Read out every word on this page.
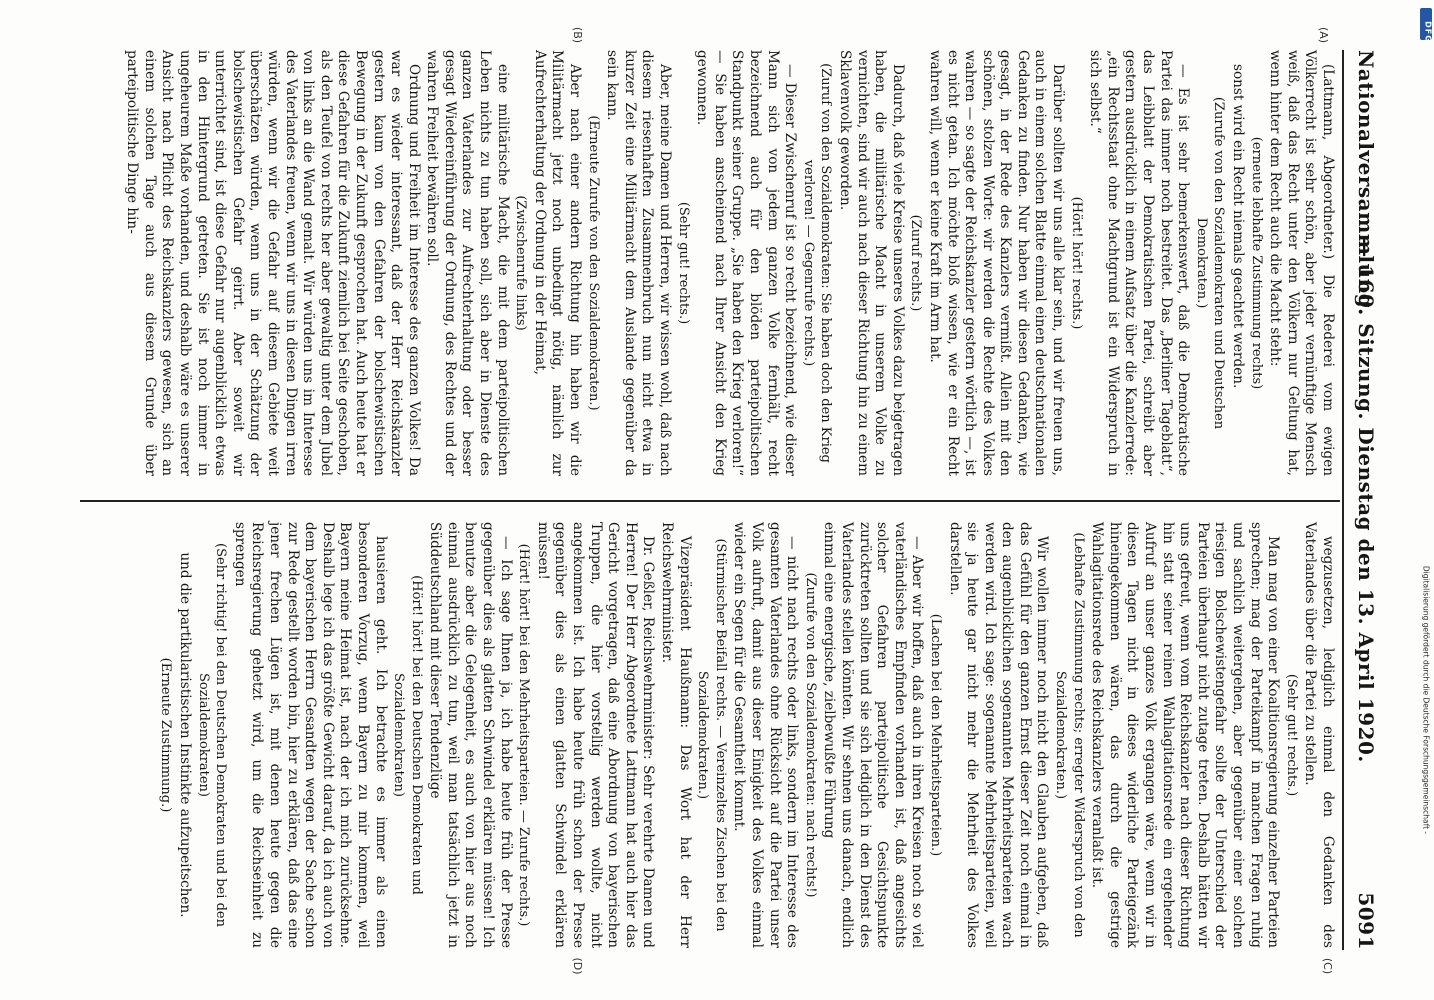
Nationalversammlung.
— 160. Sitzung. Dienstag den 13. April 1920.
5091
(A)
(B)
(C)
(D)

(Lattmann, Abgeordneter.) Die Rederei vom ewigen Völkerrecht ist sehr schön, aber jeder vernünftige Mensch weiß, daß das Recht unter den Völkern nur Geltung hat, wenn hinter dem Recht auch die Macht steht:

(erneute lebhafte Zustimmung rechts)

sonst wird ein Recht niemals geachtet werden.

(Zurufe von den Sozialdemokraten und Deutschen Demokraten.)

— Es ist sehr bemerkenswert, daß die Demokratische Partei das immer noch bestreitet. Das „Berliner Tageblatt“, das Leibblatt der Demokratischen Partei, schreibt aber gestern ausdrücklich in einem Aufsatz über die Kanzlerrede: „ein Rechtsstaat ohne Machtgrund ist ein Widerspruch in sich selbst.“

(Hört! hört! rechts.)

Darüber sollten wir uns alle klar sein, und wir freuen uns, auch in einem solchen Blatte einmal einen deutschnationalen Gedanken zu finden. Nur haben wir diesen Gedanken, wie gesagt, in der Rede des Kanzlers vermißt. Allein mit den schönen, stolzen Worte: wir werden die Rechte des Volkes wahren — so sagte der Reichskanzler gestern wörtlich —, ist es nicht getan. Ich möchte bloß wissen, wie er ein Recht wahren will, wenn er keine Kraft im Arm hat.

(Zuruf rechts.)

Dadurch, daß viele Kreise unseres Volkes dazu beigetragen haben, die militärische Macht in unserem Volke zu vernichten, sind wir auch nach dieser Richtung hin zu einem Sklavenvolk geworden.

(Zuruf von den Sozialdemokraten: Sie haben doch den Krieg verloren! — Gegenrufe rechts.)

— Dieser Zwischenruf ist so recht bezeichnend, wie dieser Mann sich von jedem ganzen Volke fernhält, recht bezeichnend auch für den blöden parteipolitischen Standpunkt seiner Gruppe. „Sie haben den Krieg verloren!“ — Sie haben anscheinend nach Ihrer Ansicht den Krieg gewonnen.

(Sehr gut! rechts.)

Aber, meine Damen und Herren, wir wissen wohl, daß nach diesem riesenhaften Zusammenbruch nun nicht etwa in kurzer Zeit eine Militärmacht dem Auslande gegenüber da sein kann.

(Erneute Zurufe von den Sozialdemokraten.)

Aber nach einer andern Richtung hin haben wir die Militärmacht jetzt noch unbedingt nötig, nämlich zur Aufrechterhaltung der Ordnung in der Heimat,

(Zwischenrufe links)

eine militärische Macht, die mit dem parteipolitischen Leben nichts zu tun haben soll, sich aber in Dienste des ganzen Vaterlandes zur Aufrechterhaltung oder besser gesagt Wiedereinführung der Ordnung, des Rechtes und der wahren Freiheit bewähren soll.

Ordnung und Freiheit im Interesse des ganzen Volkes! Da war es wieder interessant, daß der Herr Reichskanzler gestern kaum von den Gefahren der bolschewistischen Bewegung in der Zukunft gesprochen hat. Auch heute hat er diese Gefahren für die Zukunft ziemlich bei Seite geschoben, als den Teufel von rechts her aber gewaltig unter dem Jubel von links an die Wand gemalt. Wir würden uns im Interesse des Vaterlandes freuen, wenn wir uns in diesen Dingen irren würden, wenn wir die Gefahr auf diesem Gebiete weit überschätzen würden, wenn uns in der Schätzung der bolschewistischen Gefahr geirrt. Aber soweit wir unterrichtet sind, ist diese Gefahr nur augenblicklich etwas in den Hintergrund getreten. Sie ist noch immer in ungeheurem Maße vorhanden, und deshalb wäre es unserer Ansicht nach Pflicht des Reichskanzlers gewesen, sich an einem solchen Tage auch aus diesem Grunde über parteipolitische Dinge hin-

wegzusetzen, lediglich einmal den Gedanken des Vaterlandes über die Partei zu stellen.

(Sehr gut! rechts.)

Man mag von einer Koalitionsregierung einzelner Parteien sprechen; mag der Parteikampf in manchen Fragen ruhig und sachlich weitergehen, aber gegenüber einer solchen riesigen Bolschewistengefahr sollte der Unterschied der Parteien überhaupt nicht zutage treten. Deshalb hätten wir uns gefreut, wenn vom Reichskanzler nach dieser Richtung hin statt seiner reinen Wahlagitationsrede ein ergehender Aufruf an unser ganzes Volk ergangen wäre, wenn wir in diesen Tagen nicht in dieses widerliche Parteigezänk hineingekommen wären, das durch die gestrige Wahlagitationsrede des Reichskanzlers veranlaßt ist.

(Lebhafte Zustimmung rechts; erregter Widerspruch von den Sozialdemokraten.)

Wir wollen immer noch nicht den Glauben aufgeben, daß das Gefühl für den ganzen Ernst dieser Zeit noch einmal in den augenblicklichen sogenannten Mehrheitsparteien wach werden wird. Ich sage: sogenannte Mehrheitsparteien, weil sie ja heute gar nicht mehr die Mehrheit des Volkes darstellen.

(Lachen bei den Mehrheitsparteien.)

— Aber wir hoffen, daß auch in ihren Kreisen noch so viel vaterländisches Empfinden vorhanden ist, daß angesichts solcher Gefahren parteipolitische Gesichtspunkte zurücktreten sollten und sie sich lediglich in den Dienst des Vaterlandes stellen könnten. Wir sehnen uns danach, endlich einmal eine energische, zielbewußte Führung

(Zurufe von den Sozialdemokraten: nach rechts!)

— nicht nach rechts oder links, sondern im Interesse des gesamten Vaterlandes ohne Rücksicht auf die Partei unser Volk aufruft, damit aus dieser Einigkeit des Volkes einmal wieder ein Segen für die Gesamtheit kommt.

(Stürmischer Beifall rechts. — Vereinzeltes Zischen bei den Sozialdemokraten.)

Vizepräsident Haußmann: Das Wort hat der Herr Reichswehrminister.

Dr. Geßler, Reichswehrminister: Sehr verehrte Damen und Herren! Der Herr Abgeordnete Lattmann hat auch hier das Gericht vorgetragen, daß eine Abordnung von bayerischen Truppen, die hier vorstellig werden wollte, nicht angekommen ist. Ich habe heute früh schon der Presse gegenüber dies als einen glatten Schwindel erklären müssen!

(Hört! hört! bei den Mehrheitsparteien. — Zurufe rechts.)

— Ich sage Ihnen ja, ich habe heute früh der Presse gegenüber dies als glatten Schwindel erklären müssen! Ich benutze aber die Gelegenheit, es auch von hier aus noch einmal ausdrücklich zu tun, weil man tatsächlich jetzt in Süddeutschland mit dieser Tendenzlüge

(Hört! hört! bei den Deutschen Demokraten und Sozialdemokraten)

hausieren geht. Ich betrachte es immer als einen besonderen Vorzug, wenn Bayern zu mir kommen, weil Bayern meine Heimat ist, nach der ich mich zurücksehne. Deshalb lege ich das größte Gewicht darauf, da ich auch von dem bayerischen Herrn Gesandten wegen der Sache schon zur Rede gestellt worden bin, hier zu erklären, daß das eine jener frechen Lügen ist, mit denen heute gegen die Reichsregierung gehetzt wird, um die Reichseinheit zu sprengen

(Sehr richtig! bei den Deutschen Demokraten und bei den Sozialdemokraten)

und die partikularistischen Instinkte aufzupeitschen.

(Erneute Zustimmung.)

DFG
Digitalisierung gefördert durch die Deutsche Forschungsgemeinschaft -
